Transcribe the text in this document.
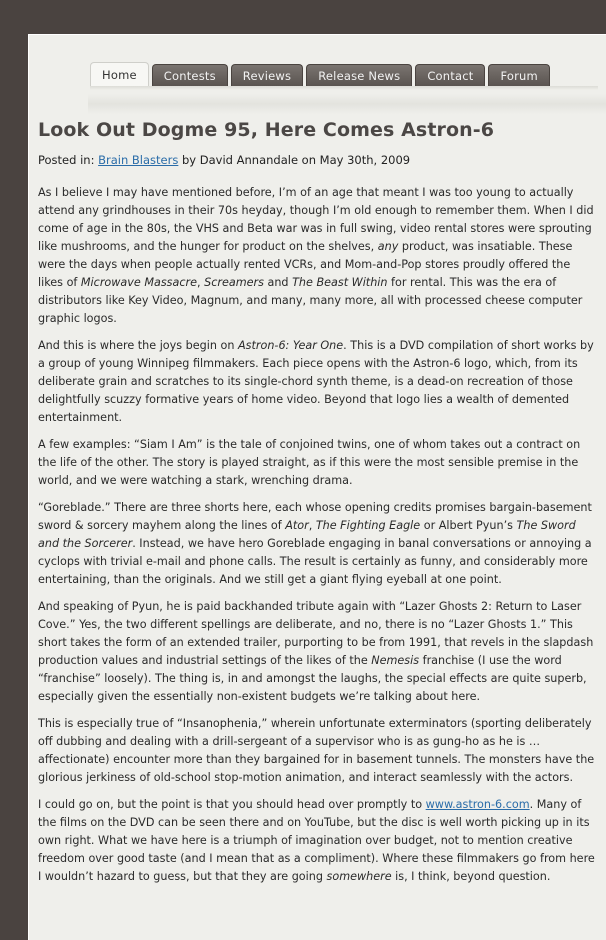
Home	Contests	Reviews	Release News	Contact	Forum
Look Out Dogme 95, Here Comes Astron-6
Posted in: Brain Blasters by David Annandale on May 30th, 2009

As I believe I may have mentioned before, I’m of an age that meant I was too young to actually attend any grindhouses in their 70s heyday, though I’m old enough to remember them. When I did come of age in the 80s, the VHS and Beta war was in full swing, video rental stores were sprouting like mushrooms, and the hunger for product on the shelves, any product, was insatiable. These were the days when people actually rented VCRs, and Mom-and-Pop stores proudly offered the likes of Microwave Massacre, Screamers and The Beast Within for rental. This was the era of distributors like Key Video, Magnum, and many, many more, all with processed cheese computer graphic logos.

And this is where the joys begin on Astron-6: Year One. This is a DVD compilation of short works by a group of young Winnipeg filmmakers. Each piece opens with the Astron-6 logo, which, from its deliberate grain and scratches to its single-chord synth theme, is a dead-on recreation of those delightfully scuzzy formative years of home video. Beyond that logo lies a wealth of demented entertainment.

A few examples: “Siam I Am” is the tale of conjoined twins, one of whom takes out a contract on the life of the other. The story is played straight, as if this were the most sensible premise in the world, and we were watching a stark, wrenching drama.

“Goreblade.” There are three shorts here, each whose opening credits promises bargain-basement sword & sorcery mayhem along the lines of Ator, The Fighting Eagle or Albert Pyun’s The Sword and the Sorcerer. Instead, we have hero Goreblade engaging in banal conversations or annoying a cyclops with trivial e-mail and phone calls. The result is certainly as funny, and considerably more entertaining, than the originals. And we still get a giant flying eyeball at one point.

And speaking of Pyun, he is paid backhanded tribute again with “Lazer Ghosts 2: Return to Laser Cove.” Yes, the two different spellings are deliberate, and no, there is no “Lazer Ghosts 1.” This short takes the form of an extended trailer, purporting to be from 1991, that revels in the slapdash production values and industrial settings of the likes of the Nemesis franchise (I use the word “franchise” loosely). The thing is, in and amongst the laughs, the special effects are quite superb, especially given the essentially non-existent budgets we’re talking about here.

This is especially true of “Insanophenia,” wherein unfortunate exterminators (sporting deliberately off dubbing and dealing with a drill-sergeant of a supervisor who is as gung-ho as he is … affectionate) encounter more than they bargained for in basement tunnels. The monsters have the glorious jerkiness of old-school stop-motion animation, and interact seamlessly with the actors.

I could go on, but the point is that you should head over promptly to www.astron-6.com. Many of the films on the DVD can be seen there and on YouTube, but the disc is well worth picking up in its own right. What we have here is a triumph of imagination over budget, not to mention creative freedom over good taste (and I mean that as a compliment). Where these filmmakers go from here I wouldn’t hazard to guess, but that they are going somewhere is, I think, beyond question.
